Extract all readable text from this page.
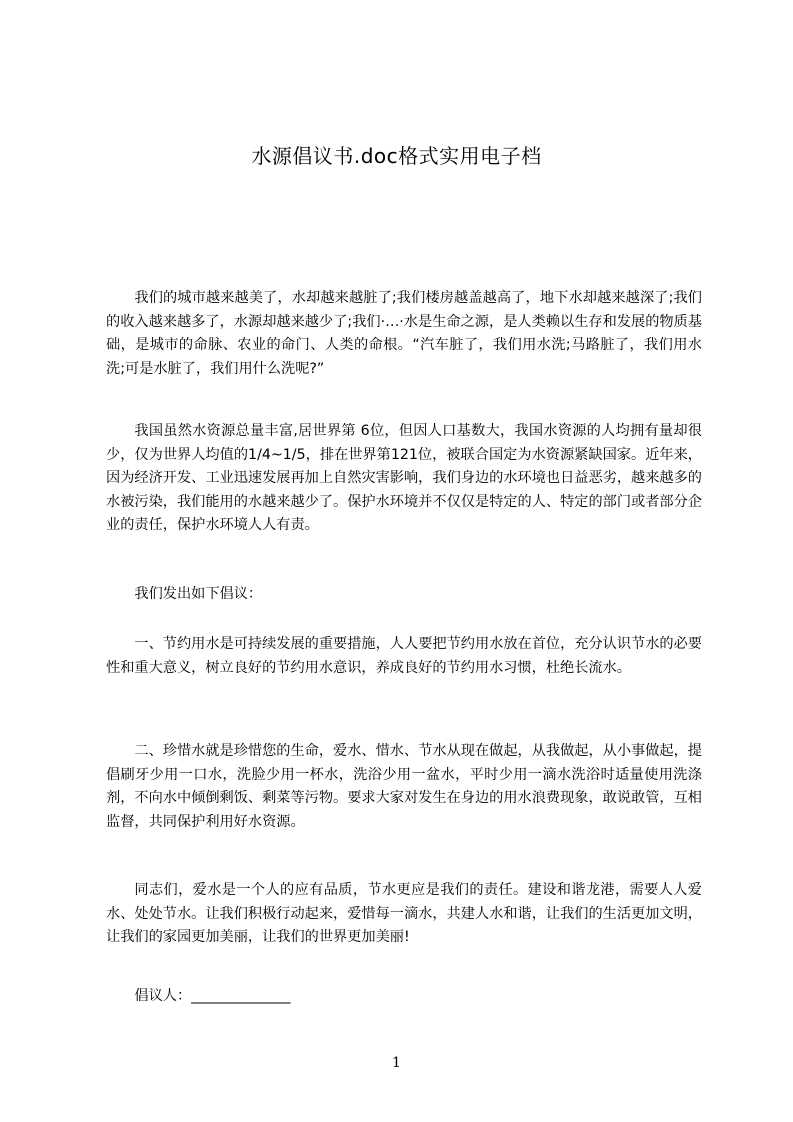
水源倡议书.doc格式实用电子档

我们的城市越来越美了，水却越来越脏了;我们楼房越盖越高了，地下水却越来越深了;我们的收入越来越多了，水源却越来越少了;我们·…·水是生命之源，是人类赖以生存和发展的物质基础，是城市的命脉、农业的命门、人类的命根。“汽车脏了，我们用水洗;马路脏了，我们用水洗;可是水脏了，我们用什么洗呢?”

我国虽然水资源总量丰富,居世界第 6位，但因人口基数大，我国水资源的人均拥有量却很少，仅为世界人均值的1/4~1/5，排在世界第121位，被联合国定为水资源紧缺国家。近年来，因为经济开发、工业迅速发展再加上自然灾害影响，我们身边的水环境也日益恶劣，越来越多的水被污染，我们能用的水越来越少了。保护水环境并不仅仅是特定的人、特定的部门或者部分企业的责任，保护水环境人人有责。

我们发出如下倡议：

一、节约用水是可持续发展的重要措施，人人要把节约用水放在首位，充分认识节水的必要性和重大意义，树立良好的节约用水意识，养成良好的节约用水习惯，杜绝长流水。

二、珍惜水就是珍惜您的生命，爱水、惜水、节水从现在做起，从我做起，从小事做起，提倡刷牙少用一口水，洗脸少用一杯水，洗浴少用一盆水，平时少用一滴水洗浴时适量使用洗涤剂，不向水中倾倒剩饭、剩菜等污物。要求大家对发生在身边的用水浪费现象，敢说敢管，互相监督，共同保护利用好水资源。

同志们，爱水是一个人的应有品质，节水更应是我们的责任。建设和谐龙港，需要人人爱水、处处节水。让我们积极行动起来，爱惜每一滴水，共建人水和谐，让我们的生活更加文明，让我们的家园更加美丽，让我们的世界更加美丽!

倡议人：______________
1
